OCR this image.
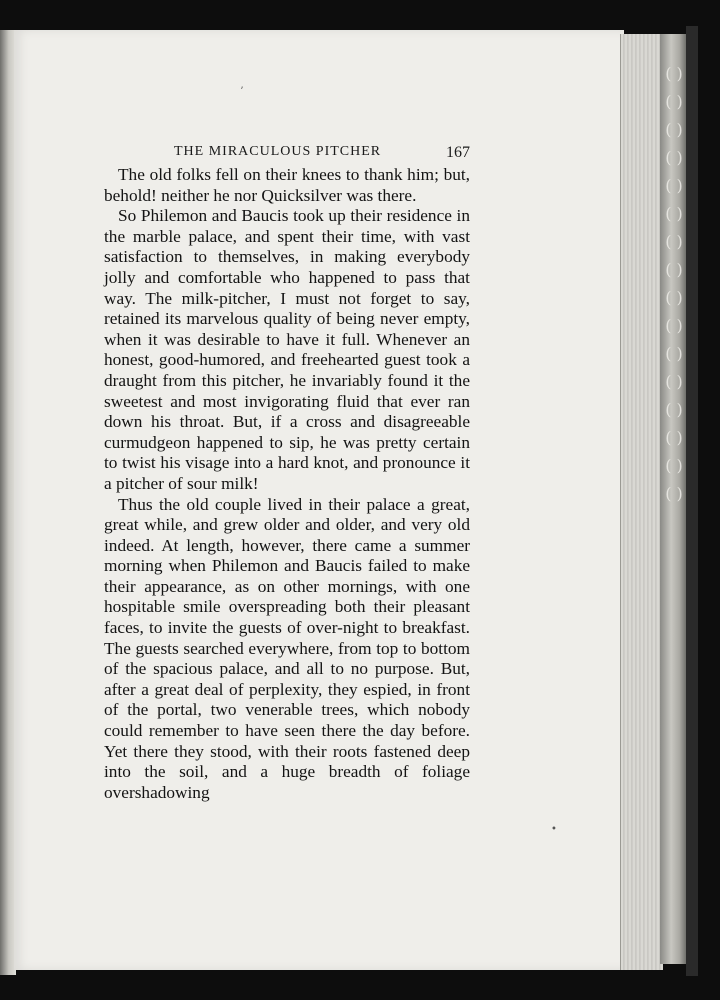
( ) ( ) ( ) ( ) ( ) ( ) ( ) ( ) ( ) ( ) ( ) ( ) ( ) ( ) ( ) ( )
ʼ
•
THE MIRACULOUS PITCHER	167

The old folks fell on their knees to thank him; but, behold! neither he nor Quicksilver was there.

So Philemon and Baucis took up their residence in the marble palace, and spent their time, with vast satisfaction to themselves, in making everybody jolly and comfortable who happened to pass that way. The milk-pitcher, I must not forget to say, retained its marvelous quality of being never empty, when it was desirable to have it full. Whenever an honest, good-humored, and freehearted guest took a draught from this pitcher, he invariably found it the sweetest and most invigorating fluid that ever ran down his throat. But, if a cross and disagreeable curmudgeon happened to sip, he was pretty certain to twist his visage into a hard knot, and pronounce it a pitcher of sour milk!

Thus the old couple lived in their palace a great, great while, and grew older and older, and very old indeed. At length, however, there came a summer morning when Philemon and Baucis failed to make their appearance, as on other mornings, with one hospitable smile overspreading both their pleasant faces, to invite the guests of over-night to breakfast. The guests searched everywhere, from top to bottom of the spacious palace, and all to no purpose. But, after a great deal of perplexity, they espied, in front of the portal, two venerable trees, which nobody could remember to have seen there the day before. Yet there they stood, with their roots fastened deep into the soil, and a huge breadth of foliage overshadowing
